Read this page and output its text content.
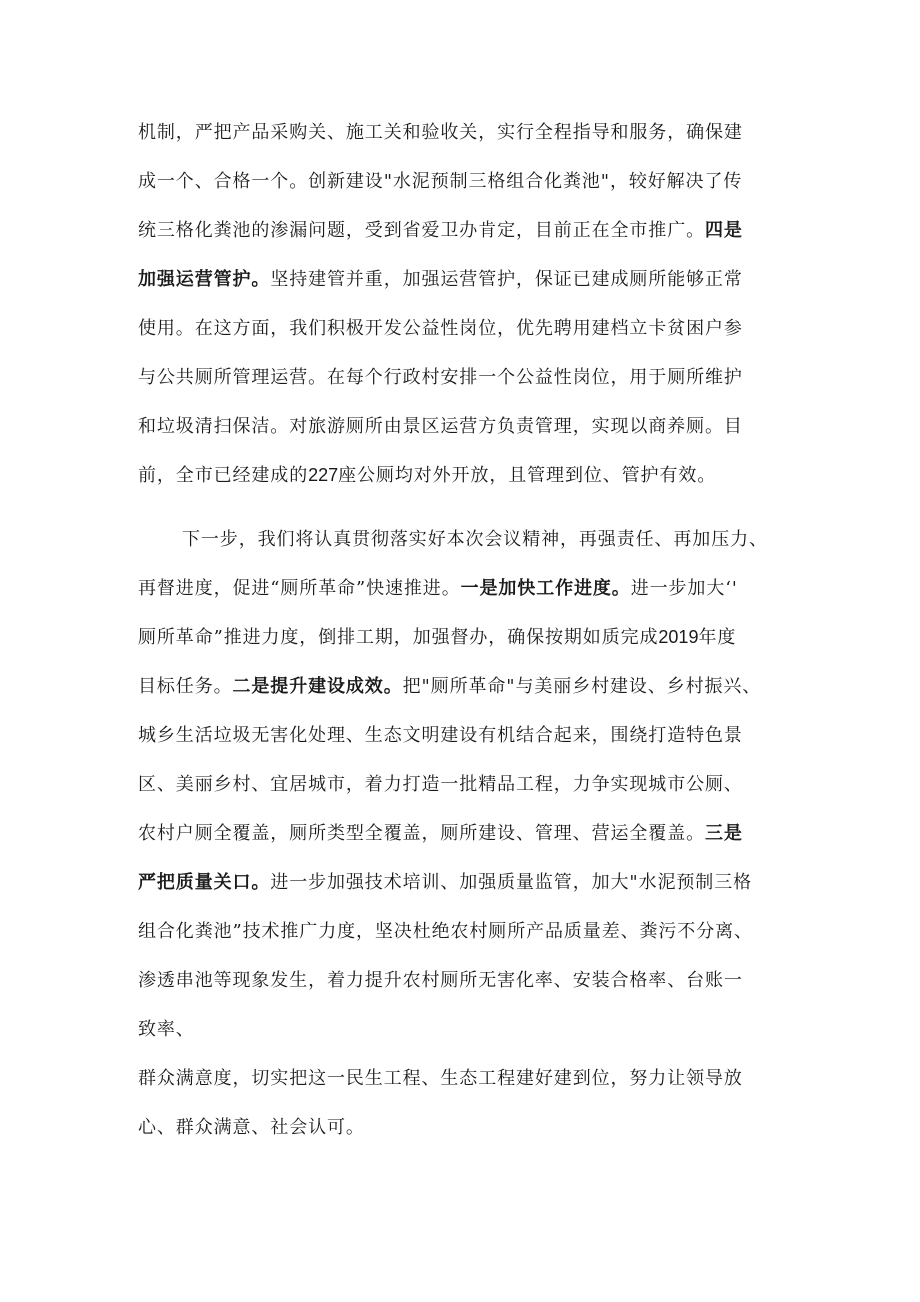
机制，严把产品采购关、施工关和验收关，实行全程指导和服务，确保建
成一个、合格一个。创新建设"水泥预制三格组合化粪池"，较好解决了传
统三格化粪池的渗漏问题，受到省爱卫办肯定，目前正在全市推广。四是
加强运营管护。坚持建管并重，加强运营管护，保证已建成厕所能够正常
使用。在这方面，我们积极开发公益性岗位，优先聘用建档立卡贫困户参
与公共厕所管理运营。在每个行政村安排一个公益性岗位，用于厕所维护
和垃圾清扫保洁。对旅游厕所由景区运营方负责管理，实现以商养厕。目
前，全市已经建成的227座公厕均对外开放，且管理到位、管护有效。
下一步，我们将认真贯彻落实好本次会议精神，再强责任、再加压力、
再督进度，促进“厕所革命”快速推进。一是加快工作进度。进一步加大‘'
厕所革命”推进力度，倒排工期，加强督办，确保按期如质完成2019年度
目标任务。二是提升建设成效。把"厕所革命"与美丽乡村建设、乡村振兴、
城乡生活垃圾无害化处理、生态文明建设有机结合起来，围绕打造特色景
区、美丽乡村、宜居城市，着力打造一批精品工程，力争实现城市公厕、
农村户厕全覆盖，厕所类型全覆盖，厕所建设、管理、营运全覆盖。三是
严把质量关口。进一步加强技术培训、加强质量监管，加大"水泥预制三格
组合化粪池”技术推广力度，坚决杜绝农村厕所产品质量差、粪污不分离、
渗透串池等现象发生，着力提升农村厕所无害化率、安装合格率、台账一
致率、
群众满意度，切实把这一民生工程、生态工程建好建到位，努力让领导放
心、群众满意、社会认可。
